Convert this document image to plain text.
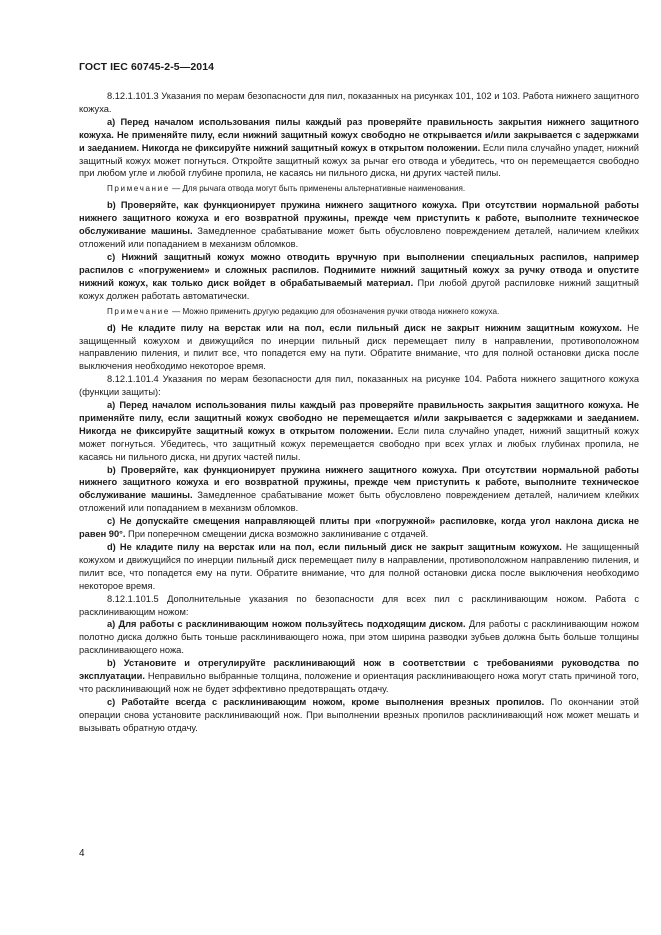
ГОСТ IEC 60745-2-5—2014

8.12.1.101.3 Указания по мерам безопасности для пил, показанных на рисунках 101, 102 и 103. Работа нижнего защитного кожуха.

a) Перед началом использования пилы каждый раз проверяйте правильность закрытия нижнего защитного кожуха. Не применяйте пилу, если нижний защитный кожух свободно не открывается и/или закрывается с задержками и заеданием. Никогда не фиксируйте нижний защитный кожух в открытом положении. Если пила случайно упадет, нижний защитный кожух может погнуться. Откройте защитный кожух за рычаг его отвода и убедитесь, что он перемещается свободно при любом угле и любой глубине пропила, не касаясь ни пильного диска, ни других частей пилы.

Примечание — Для рычага отвода могут быть применены альтернативные наименования.

b) Проверяйте, как функционирует пружина нижнего защитного кожуха. При отсутствии нормальной работы нижнего защитного кожуха и его возвратной пружины, прежде чем приступить к работе, выполните техническое обслуживание машины. Замедленное срабатывание может быть обусловлено повреждением деталей, наличием клейких отложений или попаданием в механизм обломков.

c) Нижний защитный кожух можно отводить вручную при выполнении специальных распилов, например распилов с «погружением» и сложных распилов. Поднимите нижний защитный кожух за ручку отвода и опустите нижний кожух, как только диск войдет в обрабатываемый материал. При любой другой распиловке нижний защитный кожух должен работать автоматически.

Примечание — Можно применить другую редакцию для обозначения ручки отвода нижнего кожуха.

d) Не кладите пилу на верстак или на пол, если пильный диск не закрыт нижним защитным кожухом. Не защищенный кожухом и движущийся по инерции пильный диск перемещает пилу в направлении, противоположном направлению пиления, и пилит все, что попадется ему на пути. Обратите внимание, что для полной остановки диска после выключения необходимо некоторое время.

8.12.1.101.4 Указания по мерам безопасности для пил, показанных на рисунке 104. Работа нижнего защитного кожуха (функции защиты):

a) Перед началом использования пилы каждый раз проверяйте правильность закрытия защитного кожуха. Не применяйте пилу, если защитный кожух свободно не перемещается и/или закрывается с задержками и заеданием. Никогда не фиксируйте защитный кожух в открытом положении. Если пила случайно упадет, нижний защитный кожух может погнуться. Убедитесь, что защитный кожух перемещается свободно при всех углах и любых глубинах пропила, не касаясь ни пильного диска, ни других частей пилы.

b) Проверяйте, как функционирует пружина нижнего защитного кожуха. При отсутствии нормальной работы нижнего защитного кожуха и его возвратной пружины, прежде чем приступить к работе, выполните техническое обслуживание машины. Замедленное срабатывание может быть обусловлено повреждением деталей, наличием клейких отложений или попаданием в механизм обломков.

c) Не допускайте смещения направляющей плиты при «погружной» распиловке, когда угол наклона диска не равен 90°. При поперечном смещении диска возможно заклинивание с отдачей.

d) Не кладите пилу на верстак или на пол, если пильный диск не закрыт защитным кожухом. Не защищенный кожухом и движущийся по инерции пильный диск перемещает пилу в направлении, противоположном направлению пиления, и пилит все, что попадется ему на пути. Обратите внимание, что для полной остановки диска после выключения необходимо некоторое время.

8.12.1.101.5 Дополнительные указания по безопасности для всех пил с расклинивающим ножом. Работа с расклинивающим ножом:

a) Для работы с расклинивающим ножом пользуйтесь подходящим диском. Для работы с расклинивающим ножом полотно диска должно быть тоньше расклинивающего ножа, при этом ширина разводки зубьев должна быть больше толщины расклинивающего ножа.

b) Установите и отрегулируйте расклинивающий нож в соответствии с требованиями руководства по эксплуатации. Неправильно выбранные толщина, положение и ориентация расклинивающего ножа могут стать причиной того, что расклинивающий нож не будет эффективно предотвращать отдачу.

c) Работайте всегда с расклинивающим ножом, кроме выполнения врезных пропилов. По окончании этой операции снова установите расклинивающий нож. При выполнении врезных пропилов расклинивающий нож может мешать и вызывать обратную отдачу.

4
